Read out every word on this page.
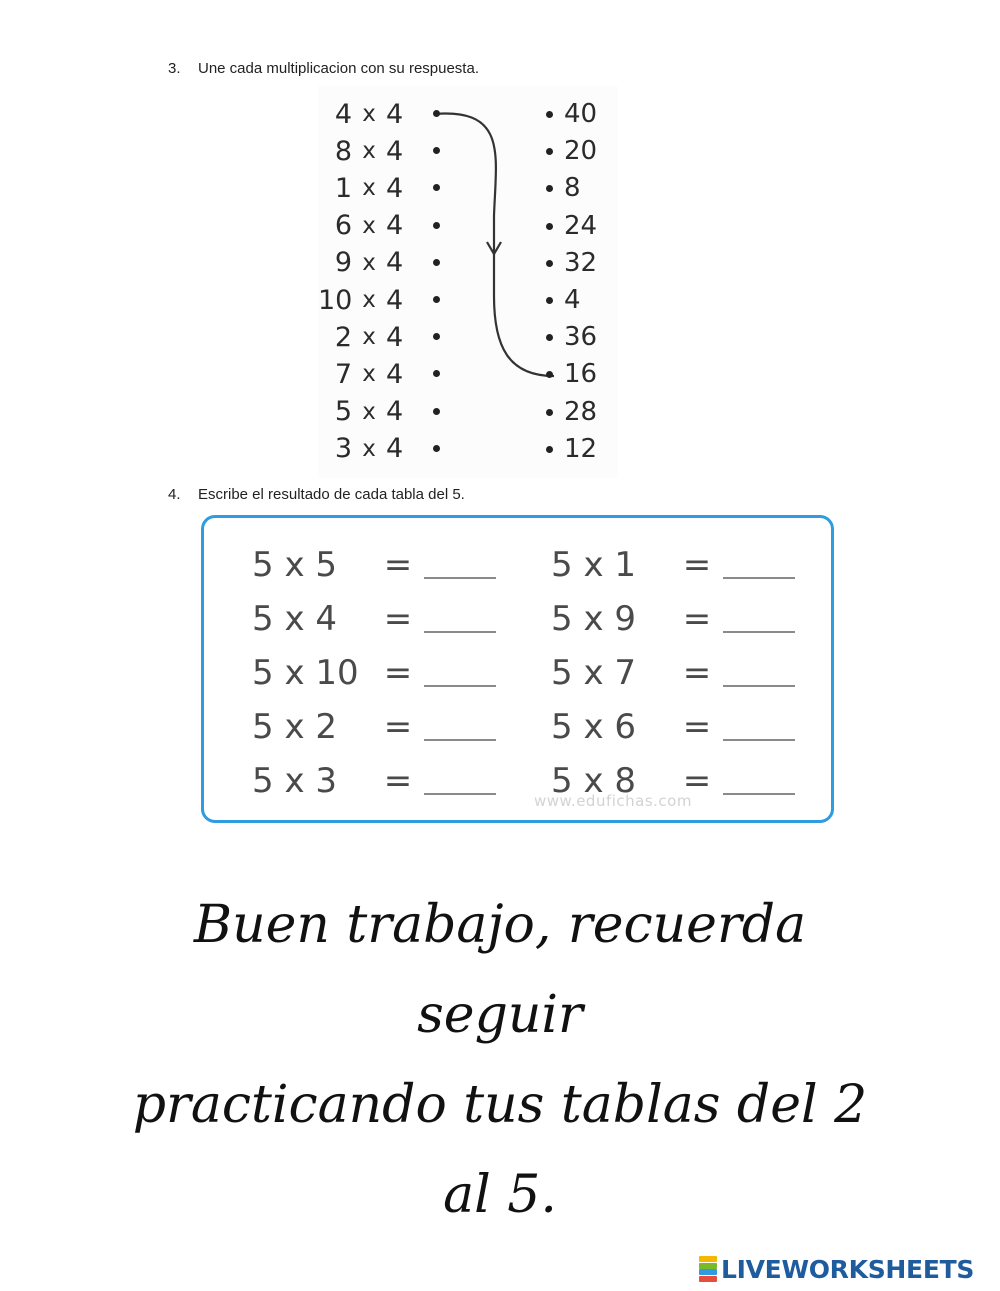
3. Une cada multiplicacion con su respuesta.
4 x 4
8 x 4
1 x 4
6 x 4
9 x 4
10 x 4
2 x 4
7 x 4
5 x 4
3 x 4
40
20
8
24
32
4
36
16
28
12
4. Escribe el resultado de cada tabla del 5.
5 x 5	=
5 x 4	=
5 x 10 =
5 x 2	=
5 x 3	=
5 x 1	=
5 x 9	=
5 x 7	=
5 x 6	=
5 x 8	=
www.edufichas.com
Buen trabajo, recuerda seguir
practicando tus tablas del 2 al 5.
LIVEWORKSHEETS
